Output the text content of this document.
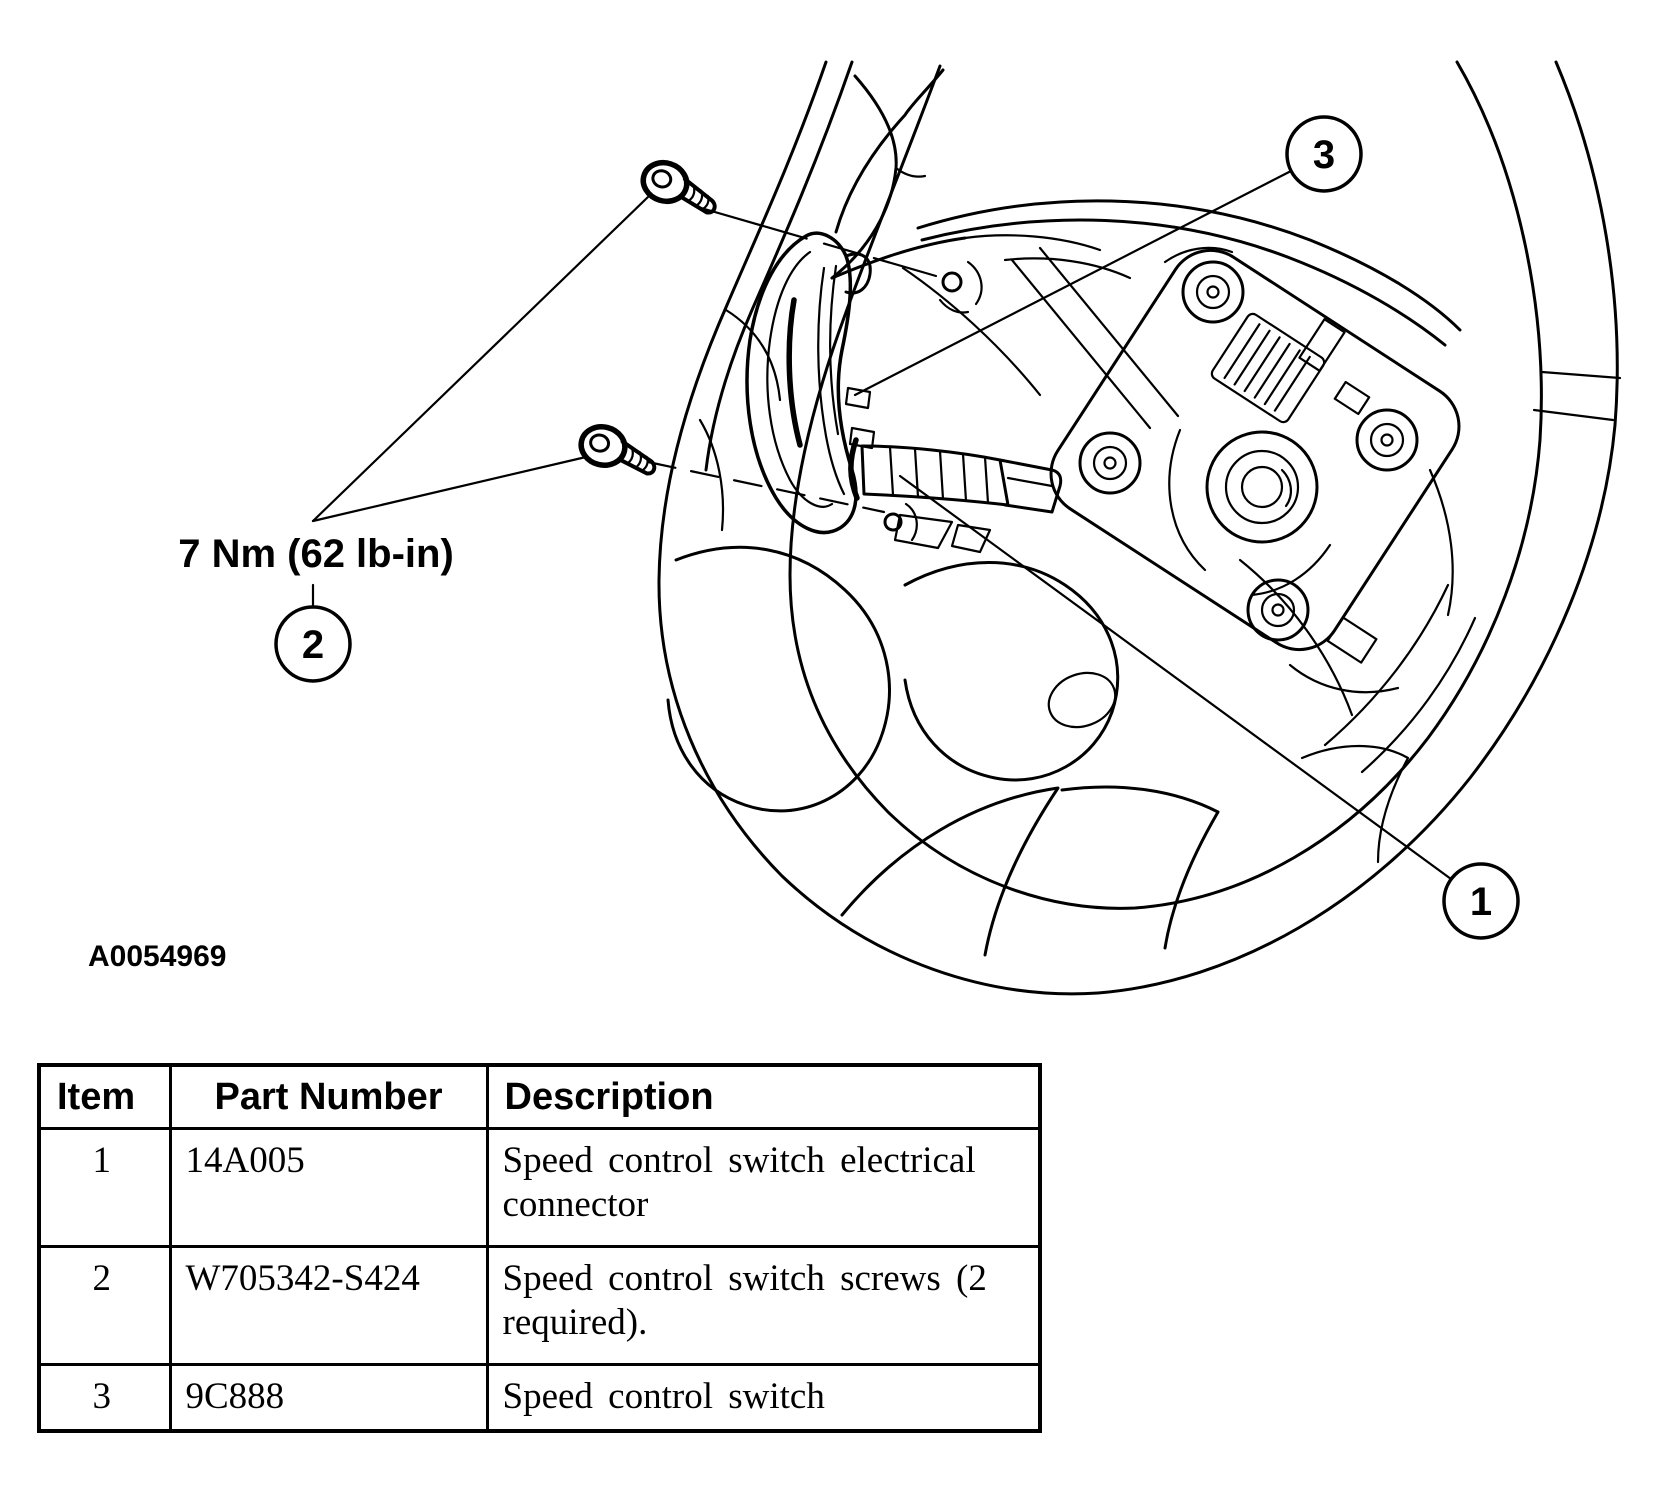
7 Nm (62 lb-in)
1
2
3
A0054969
Item	Part Number	Description
1	14A005	Speed control switch electrical connector
2	W705342-S424	Speed control switch screws (2 required).
3	9C888	Speed control switch
